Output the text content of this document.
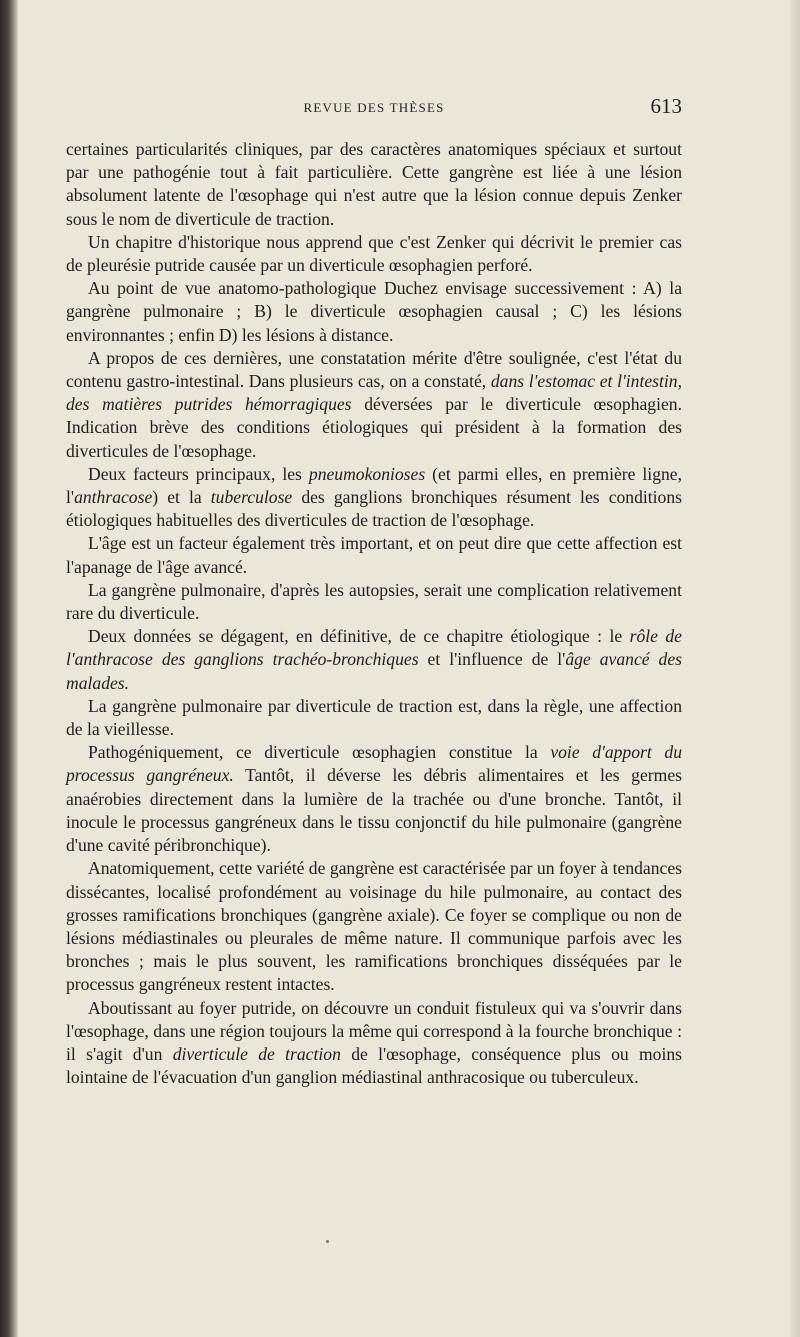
REVUE DES THÈSES	613

certaines particularités cliniques, par des caractères anatomiques spéciaux et surtout par une pathogénie tout à fait particulière. Cette gangrène est liée à une lésion absolument latente de l'œsophage qui n'est autre que la lésion connue depuis Zenker sous le nom de diverticule de traction.

Un chapitre d'historique nous apprend que c'est Zenker qui décrivit le premier cas de pleurésie putride causée par un diverticule œsophagien perforé.

Au point de vue anatomo-pathologique Duchez envisage successivement : A) la gangrène pulmonaire ; B) le diverticule œsophagien causal ; C) les lésions environnantes ; enfin D) les lésions à distance.

A propos de ces dernières, une constatation mérite d'être soulignée, c'est l'état du contenu gastro-intestinal. Dans plusieurs cas, on a constaté, dans l'estomac et l'intestin, des matières putrides hémorragiques déversées par le diverticule œsophagien. Indication brève des conditions étiologiques qui président à la formation des diverticules de l'œsophage.

Deux facteurs principaux, les pneumokonioses (et parmi elles, en première ligne, l'anthracose) et la tuberculose des ganglions bronchiques résument les conditions étiologiques habituelles des diverticules de traction de l'œsophage.

L'âge est un facteur également très important, et on peut dire que cette affection est l'apanage de l'âge avancé.

La gangrène pulmonaire, d'après les autopsies, serait une complication relativement rare du diverticule.

Deux données se dégagent, en définitive, de ce chapitre étiologique : le rôle de l'anthracose des ganglions trachéo-bronchiques et l'influence de l'âge avancé des malades.

La gangrène pulmonaire par diverticule de traction est, dans la règle, une affection de la vieillesse.

Pathogéniquement, ce diverticule œsophagien constitue la voie d'apport du processus gangréneux. Tantôt, il déverse les débris alimentaires et les germes anaérobies directement dans la lumière de la trachée ou d'une bronche. Tantôt, il inocule le processus gangréneux dans le tissu conjonctif du hile pulmonaire (gangrène d'une cavité péribronchique).

Anatomiquement, cette variété de gangrène est caractérisée par un foyer à tendances dissécantes, localisé profondément au voisinage du hile pulmonaire, au contact des grosses ramifications bronchiques (gangrène axiale). Ce foyer se complique ou non de lésions médiastinales ou pleurales de même nature. Il communique parfois avec les bronches ; mais le plus souvent, les ramifications bronchiques disséquées par le processus gangréneux restent intactes.

Aboutissant au foyer putride, on découvre un conduit fistuleux qui va s'ouvrir dans l'œsophage, dans une région toujours la même qui correspond à la fourche bronchique : il s'agit d'un diverticule de traction de l'œsophage, conséquence plus ou moins lointaine de l'évacuation d'un ganglion médiastinal anthracosique ou tuberculeux.
